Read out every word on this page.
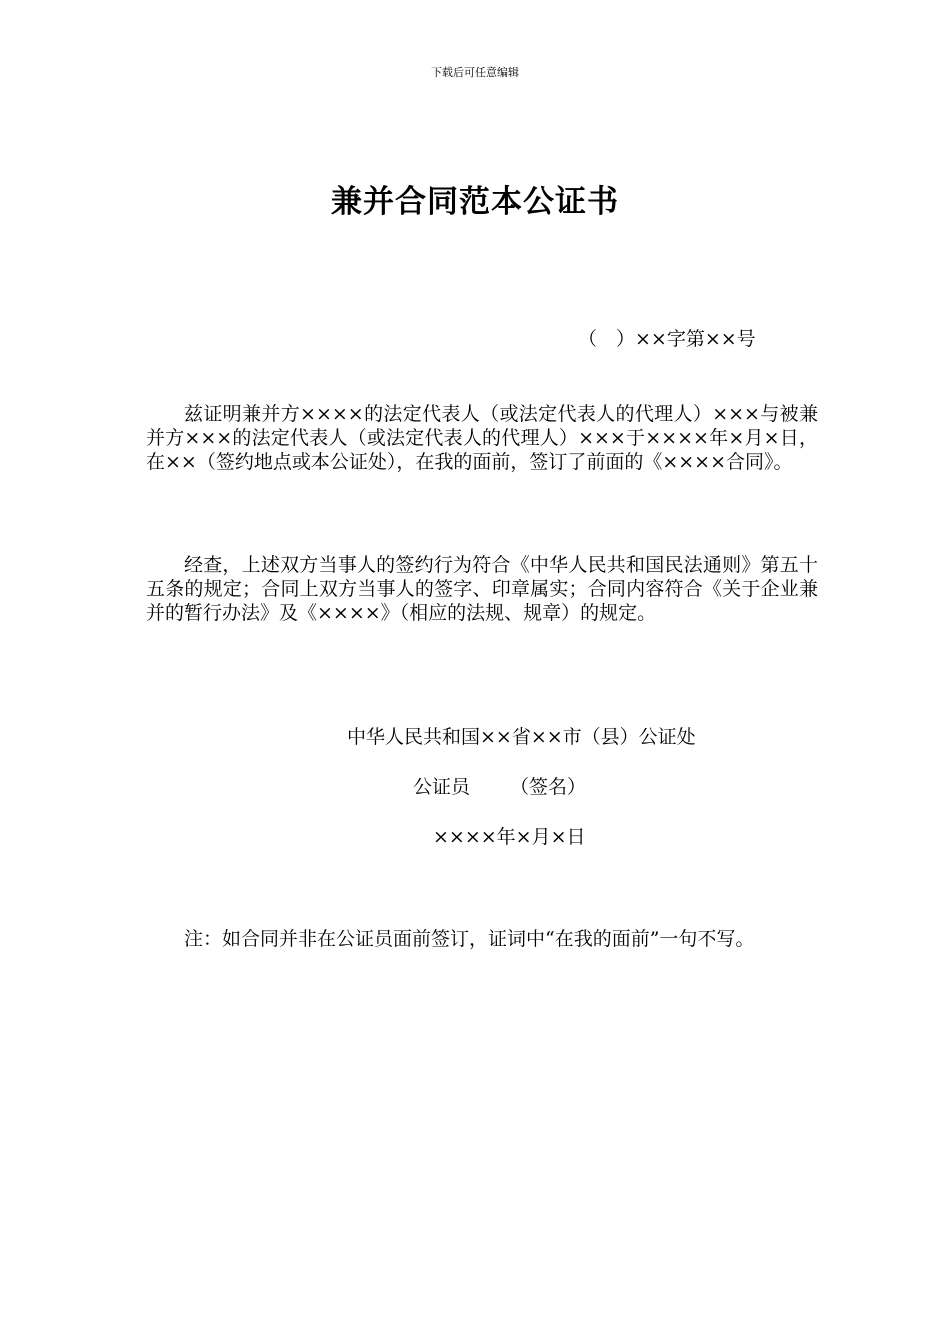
下载后可任意编辑
兼并合同范本公证书
（　）××字第××号
兹证明兼并方××××的法定代表人（或法定代表人的代理人）×××与被兼并方×××的法定代表人（或法定代表人的代理人）×××于××××年×月×日，在××（签约地点或本公证处），在我的面前，签订了前面的《××××合同》。
经查，上述双方当事人的签约行为符合《中华人民共和国民法通则》第五十五条的规定；合同上双方当事人的签字、印章属实；合同内容符合《关于企业兼并的暂行办法》及《××××》（相应的法规、规章）的规定。
中华人民共和国××省××市（县）公证处
公证员 （签名）
××××年×月×日
注：如合同并非在公证员面前签订，证词中“在我的面前”一句不写。
